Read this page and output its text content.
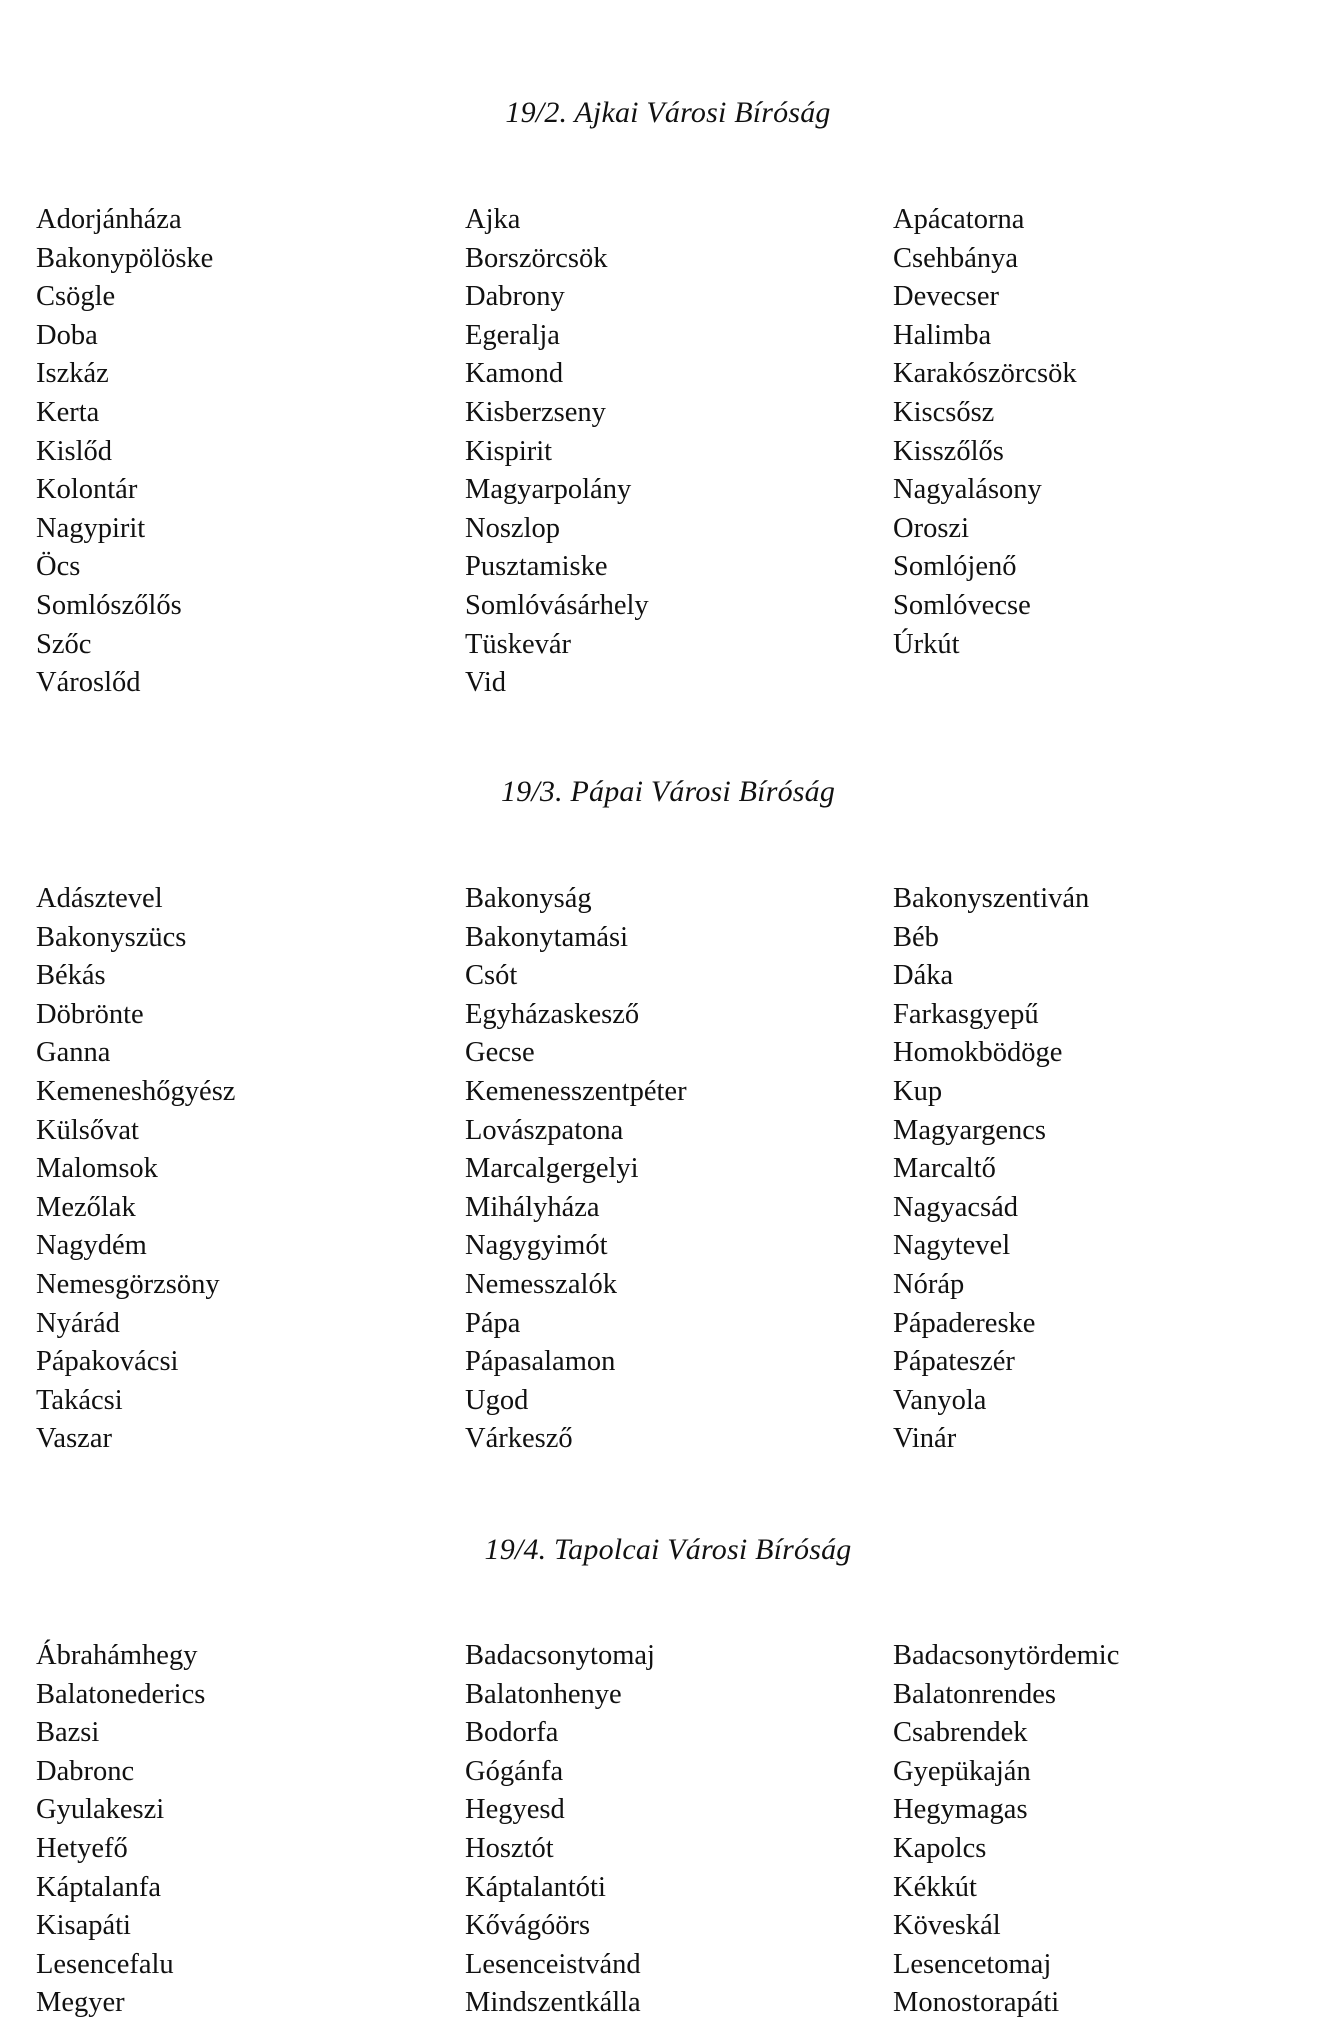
19/2. Ajkai Városi Bíróság
Adorjánháza
Bakonypölöske
Csögle
Doba
Iszkáz
Kerta
Kislőd
Kolontár
Nagypirit
Öcs
Somlószőlős
Szőc
Városlőd
Ajka
Borszörcsök
Dabrony
Egeralja
Kamond
Kisberzseny
Kispirit
Magyarpolány
Noszlop
Pusztamiske
Somlóvásárhely
Tüskevár
Vid
Apácatorna
Csehbánya
Devecser
Halimba
Karakószörcsök
Kiscsősz
Kisszőlős
Nagyalásony
Oroszi
Somlójenő
Somlóvecse
Úrkút
19/3. Pápai Városi Bíróság
Adásztevel
Bakonyszücs
Békás
Döbrönte
Ganna
Kemeneshőgyész
Külsővat
Malomsok
Mezőlak
Nagydém
Nemesgörzsöny
Nyárád
Pápakovácsi
Takácsi
Vaszar
Bakonyság
Bakonytamási
Csót
Egyházaskesző
Gecse
Kemenesszentpéter
Lovászpatona
Marcalgergelyi
Mihályháza
Nagygyimót
Nemesszalók
Pápa
Pápasalamon
Ugod
Várkesző
Bakonyszentiván
Béb
Dáka
Farkasgyepű
Homokbödöge
Kup
Magyargencs
Marcaltő
Nagyacsád
Nagytevel
Nóráp
Pápadereske
Pápateszér
Vanyola
Vinár
19/4. Tapolcai Városi Bíróság
Ábrahámhegy
Balatonederics
Bazsi
Dabronc
Gyulakeszi
Hetyefő
Káptalanfa
Kisapáti
Lesencefalu
Megyer
Badacsonytomaj
Balatonhenye
Bodorfa
Gógánfa
Hegyesd
Hosztót
Káptalantóti
Kővágóörs
Lesenceistvánd
Mindszentkálla
Badacsonytördemic
Balatonrendes
Csabrendek
Gyepükaján
Hegymagas
Kapolcs
Kékkút
Köveskál
Lesencetomaj
Monostorapáti
